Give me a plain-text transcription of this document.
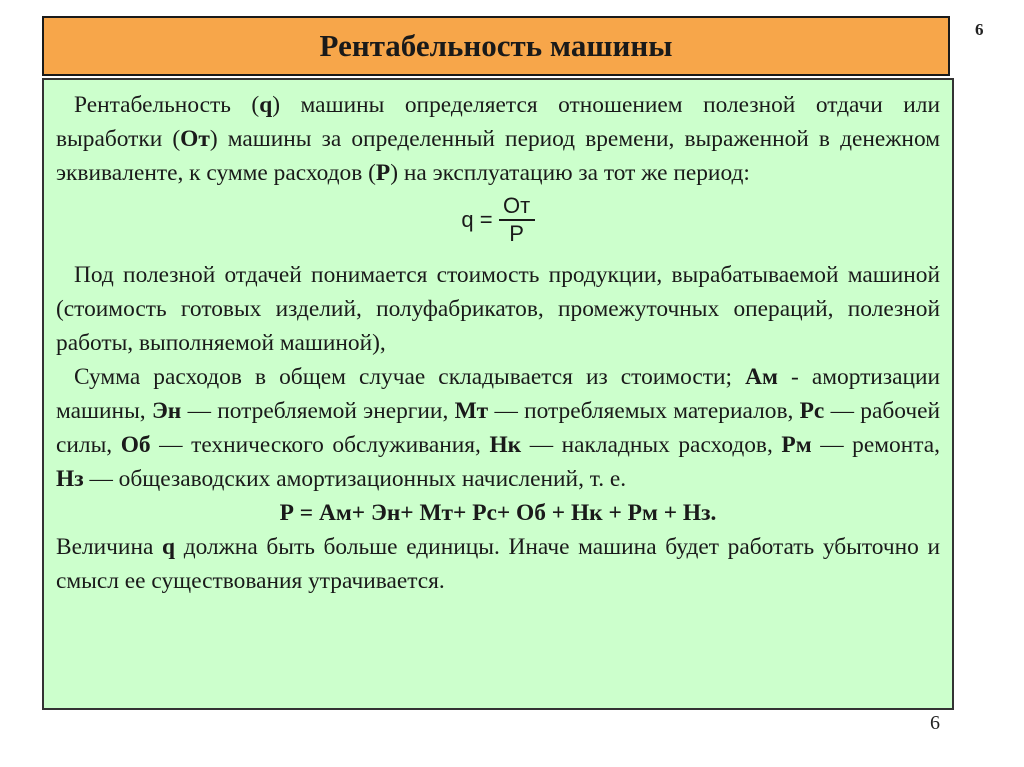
6
Рентабельность машины

Рентабельность (q) машины определяется отношением полезной отдачи или выработки (От) машины за определенный период времени, выраженной в денежном эквиваленте, к сумме расходов (Р) на эксплуатацию за тот же период:

$q = \frac{От}{Р}$

Под полезной отдачей понимается стоимость продукции, вырабатываемой машиной (стоимость готовых изделий, полуфабрикатов, промежуточных операций, полезной работы, выполняемой машиной),

Сумма расходов в общем случае складывается из стоимости; Ам - амортизации машины, Эн — потребляемой энергии, Мт — потребляемых материалов, Рс — рабочей силы, Об — технического обслуживания, Нк — накладных расходов, Рм — ремонта, Нз — общезаводских амортизационных начислений, т. е.

Р = Ам+ Эн+ Мт+ Рс+ Об + Нк + Рм + Нз.

Величина q должна быть больше единицы. Иначе машина будет работать убыточно и смысл ее существования утрачивается.

6
